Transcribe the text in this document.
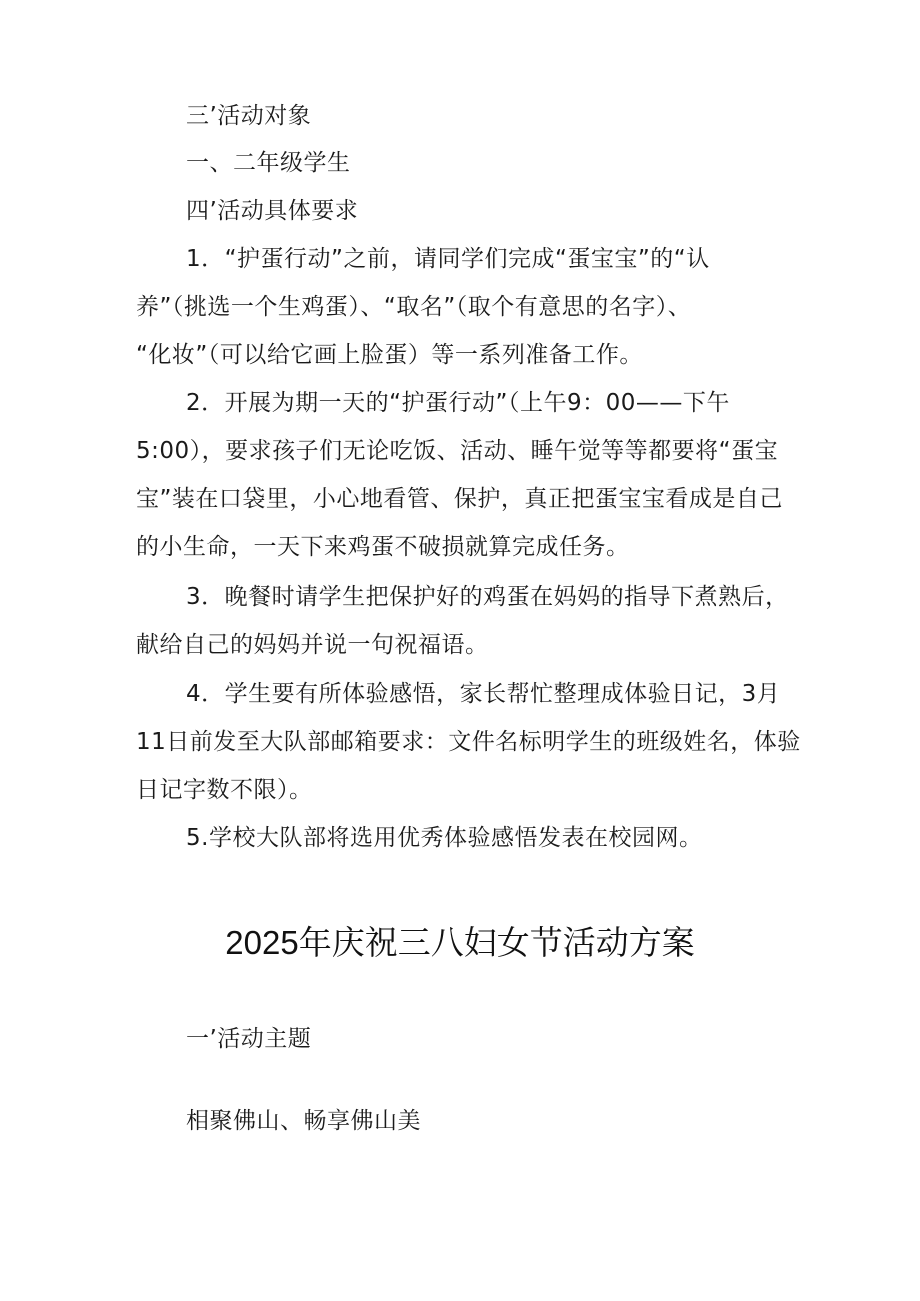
三’活动对象
一、二年级学生
四’活动具体要求
1．“护蛋行动”之前，请同学们完成“蛋宝宝”的“认
养”（挑选一个生鸡蛋）、“取名”（取个有意思的名字）、
“化妆”（可以给它画上脸蛋）等一系列准备工作。
2．开展为期一天的“护蛋行动”（上午9：00——下午
5:00），要求孩子们无论吃饭、活动、睡午觉等等都要将“蛋宝
宝”装在口袋里，小心地看管、保护，真正把蛋宝宝看成是自己
的小生命，一天下来鸡蛋不破损就算完成任务。
3．晚餐时请学生把保护好的鸡蛋在妈妈的指导下煮熟后，
献给自己的妈妈并说一句祝福语。
4．学生要有所体验感悟，家长帮忙整理成体验日记，3月
11日前发至大队部邮箱要求：文件名标明学生的班级姓名，体验
日记字数不限）。
5.学校大队部将选用优秀体验感悟发表在校园网。
2025年庆祝三八妇女节活动方案
一’活动主题
相聚佛山、畅享佛山美
